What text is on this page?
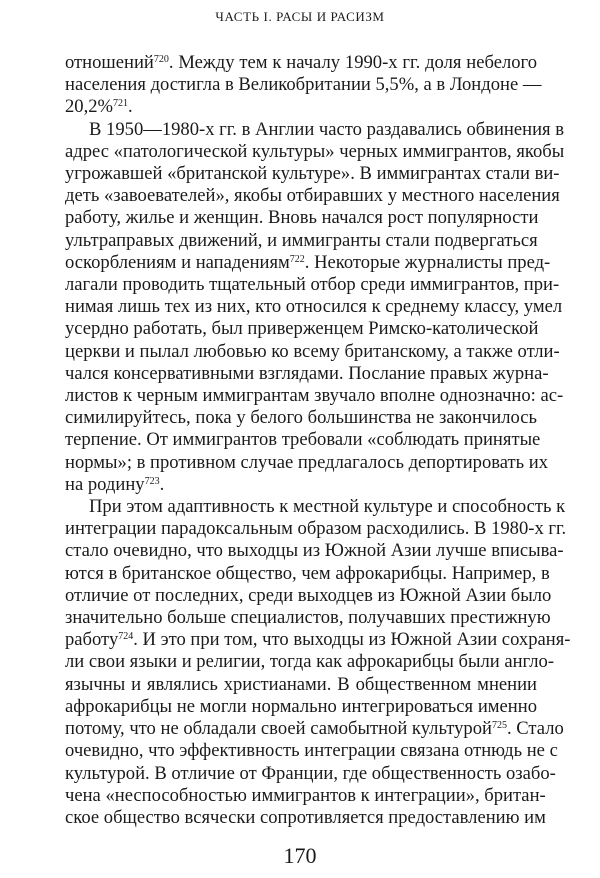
ЧАСТЬ I. РАСЫ И РАСИЗМ

отношений$^{720}$. Между тем к началу 1990-х гг. доля небелого
населения достигла в Великобритании 5,5%, а в Лондоне —
20,2%$^{721}$.

В 1950—1980-х гг. в Англии часто раздавались обвинения в
адрес «патологической культуры» черных иммигрантов, якобы
угрожавшей «британской культуре». В иммигрантах стали ви-
деть «завоевателей», якобы отбиравших у местного населения
работу, жилье и женщин. Вновь начался рост популярности
ультраправых движений, и иммигранты стали подвергаться
оскорблениям и нападениям$^{722}$. Некоторые журналисты пред-
лагали проводить тщательный отбор среди иммигрантов, при-
нимая лишь тех из них, кто относился к среднему классу, умел
усердно работать, был приверженцем Римско-католической
церкви и пылал любовью ко всему британскому, а также отли-
чался консервативными взглядами. Послание правых журна-
листов к черным иммигрантам звучало вполне однозначно: ас-
симилируйтесь, пока у белого большинства не закончилось
терпение. От иммигрантов требовали «соблюдать принятые
нормы»; в противном случае предлагалось депортировать их
на родину$^{723}$.

При этом адаптивность к местной культуре и способность к
интеграции парадоксальным образом расходились. В 1980-х гг.
стало очевидно, что выходцы из Южной Азии лучше вписыва-
ются в британское общество, чем афрокарибцы. Например, в
отличие от последних, среди выходцев из Южной Азии было
значительно больше специалистов, получавших престижную
работу$^{724}$. И это при том, что выходцы из Южной Азии сохраня-
ли свои языки и религии, тогда как афрокарибцы были англо-
язычны и являлись христианами. В общественном мнении
афрокарибцы не могли нормально интегрироваться именно
потому, что не обладали своей самобытной культурой$^{725}$. Стало
очевидно, что эффективность интеграции связана отнюдь не с
культурой. В отличие от Франции, где общественность озабо-
чена «неспособностью иммигрантов к интеграции», британ-
ское общество всячески сопротивляется предоставлению им

170
